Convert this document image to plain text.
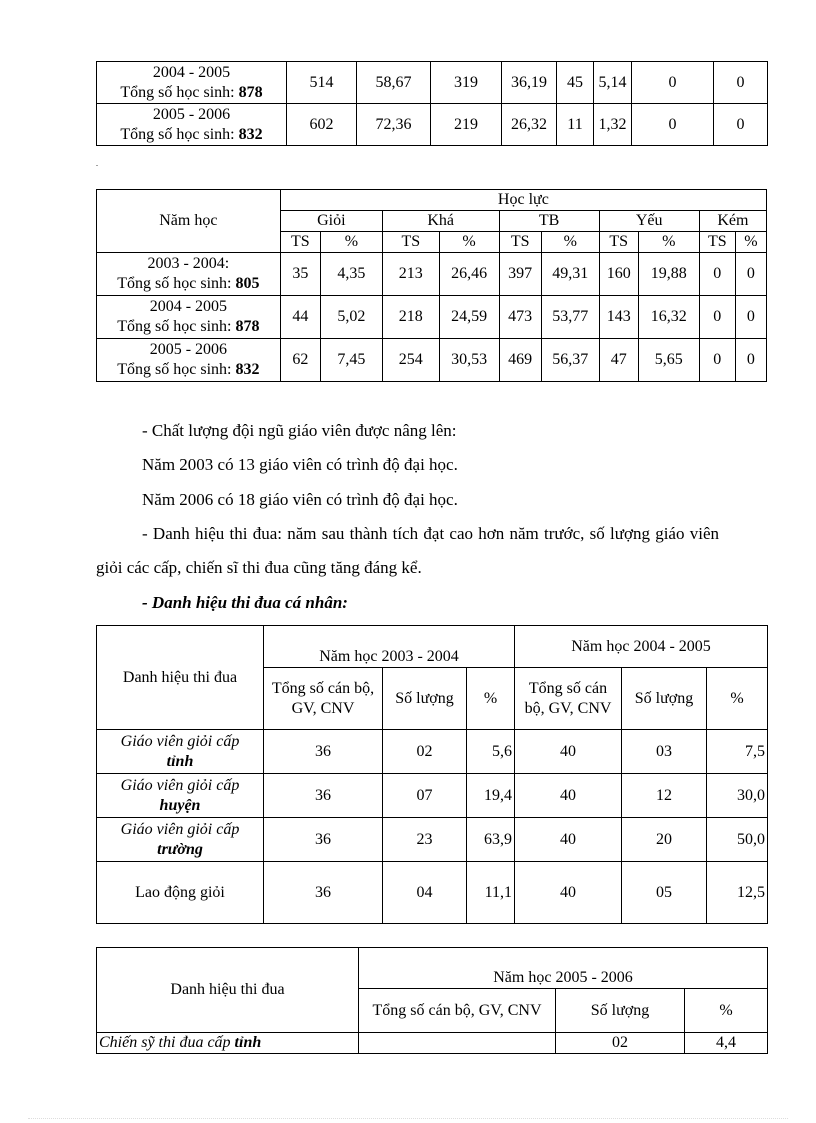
2004 - 2005
Tổng số học sinh: 878	514	58,67	319	36,19	45	5,14	0	0

2005 - 2006
Tổng số học sinh: 832	602	72,36	219	26,32	11	1,32	0	0
.
Năm học	Học lực									
	Giỏi		Khá		TB		Yếu		Kém	
	TS	%	TS	%	TS	%	TS	%	TS	%

2003 - 2004:
Tổng số học sinh: 805	35	4,35	213	26,46	397	49,31	160	19,88	0	0

2004 - 2005
Tổng số học sinh: 878	44	5,02	218	24,59	473	53,77	143	16,32	0	0

2005 - 2006
Tổng số học sinh: 832	62	7,45	254	30,53	469	56,37	47	5,65	0	0

- Chất lượng đội ngũ giáo viên được nâng lên:

Năm 2003 có 13 giáo viên có trình độ đại học.

Năm 2006 có 18 giáo viên có trình độ đại học.

- Danh hiệu thi đua: năm sau thành tích đạt cao hơn năm trước, số lượng giáo viên

giỏi các cấp, chiến sĩ thi đua cũng tăng đáng kể.

- Danh hiệu thi đua cá nhân:

Danh hiệu thi đua	Năm học 2003 - 2004			Năm học 2004 - 2005		
	Tổng số cán bộ, GV, CNV	Số lượng	%	Tổng số cán bộ, GV, CNV	Số lượng	%

Giáo viên giỏi cấp
tỉnh	36	02	5,6	40	03	7,5

Giáo viên giỏi cấp
huyện	36	07	19,4	40	12	30,0

Giáo viên giỏi cấp
trường	36	23	63,9	40	20	50,0
Lao động giỏi	36	04	11,1	40	05	12,5
Danh hiệu thi đua	Năm học 2005 - 2006		
	Tổng số cán bộ, GV, CNV	Số lượng	%
Chiến sỹ thi đua cấp tỉnh		02	4,4
